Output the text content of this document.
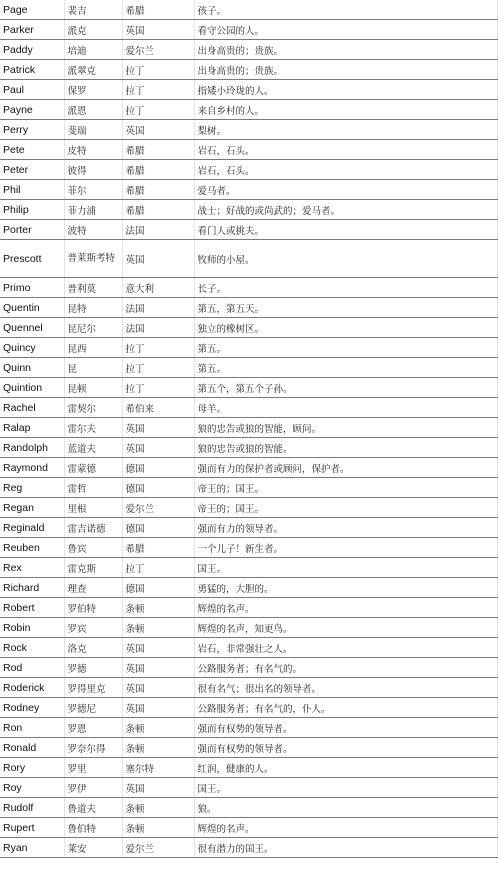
Page	裴吉	希腊	孩子。
Parker	派克	英国	看守公园的人。
Paddy	培迪	爱尔兰	出身高贵的；贵族。
Patrick	派翠克	拉丁	出身高贵的；贵族。
Paul	保罗	拉丁	指矮小玲珑的人。
Payne	派恩	拉丁	来自乡村的人。
Perry	斐瑞	英国	梨树。
Pete	皮特	希腊	岩石，石头。
Peter	彼得	希腊	岩石，石头。
Phil	菲尔	希腊	爱马者。
Philip	菲力浦	希腊	战士；好战的或尚武的；爱马者。
Porter	波特	法国	看门人或挑夫。
Prescott	普莱斯考特	英国	牧师的小屋。
Primo	普利莫	意大利	长子。
Quentin	昆特	法国	第五，第五天。
Quennel	昆尼尔	法国	独立的橡树区。
Quincy	昆西	拉丁	第五。
Quinn	昆	拉丁	第五。
Quintion	昆顿	拉丁	第五个，第五个子孙。
Rachel	雷契尔	希伯来	母羊。
Ralap	雷尔夫	英国	狼的忠告或狼的智能，顾问。
Randolph	蓝道夫	英国	狼的忠告或狼的智能。
Raymond	雷蒙德	德国	强而有力的保护者或顾问，保护者。
Reg	雷哲	德国	帝王的；国王。
Regan	里根	爱尔兰	帝王的；国王。
Reginald	雷吉诺德	德国	强而有力的领导者。
Reuben	鲁宾	希腊	一个儿子！新生者。
Rex	雷克斯	拉丁	国王。
Richard	理查	德国	勇猛的，大胆的。
Robert	罗伯特	条顿	辉煌的名声。
Robin	罗宾	条顿	辉煌的名声，知更鸟。
Rock	洛克	英国	岩石，非常强壮之人。
Rod	罗德	英国	公路服务者；有名气的。
Roderick	罗得里克	英国	很有名气；很出名的领导者。
Rodney	罗德尼	英国	公路服务者；有名气的，仆人。
Ron	罗恩	条顿	强而有权势的领导者。
Ronald	罗奈尔得	条顿	强而有权势的领导者。
Rory	罗里	塞尔特	红润，健康的人。
Roy	罗伊	英国	国王。
Rudolf	鲁道夫	条顿	狼。
Rupert	鲁伯特	条顿	辉煌的名声。
Ryan	莱安	爱尔兰	很有潜力的国王。
